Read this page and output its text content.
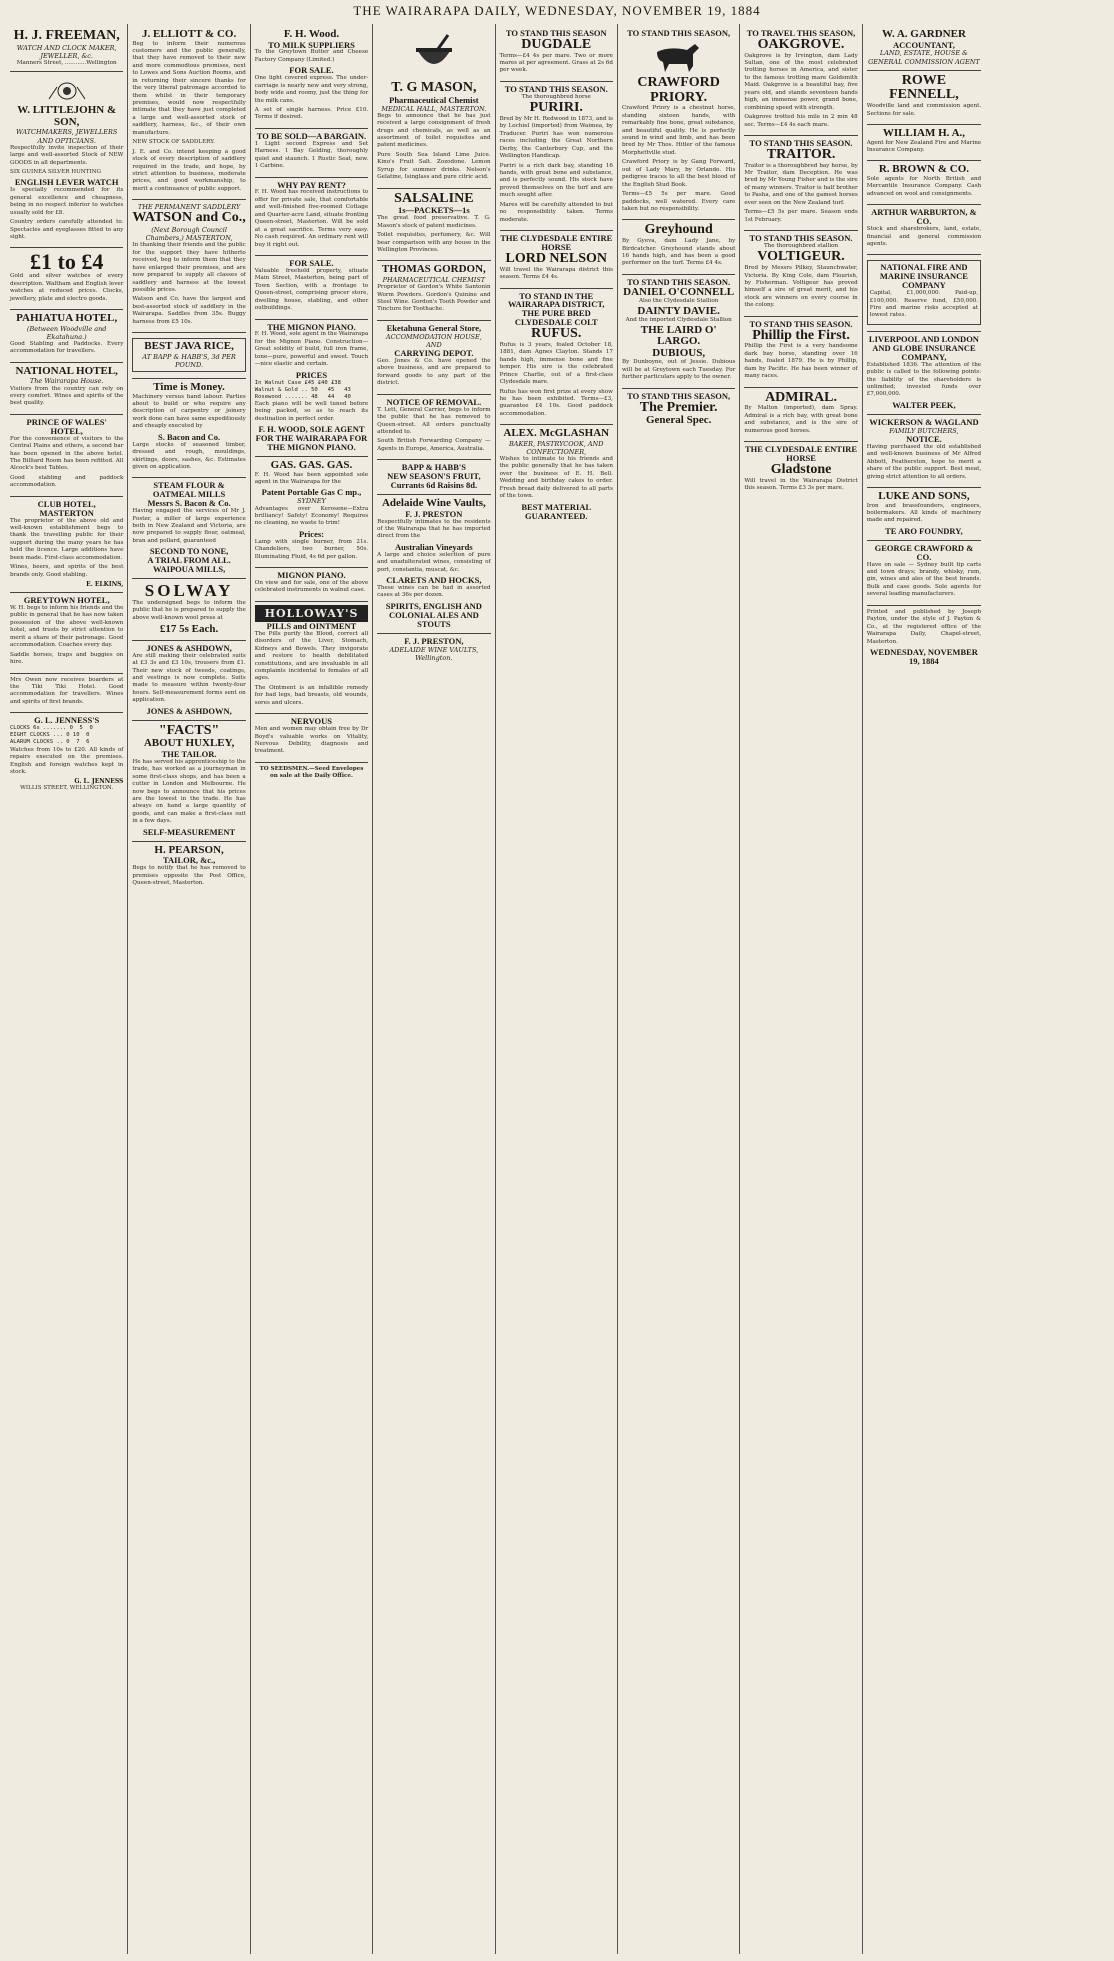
THE WAIRARAPA DAILY, WEDNESDAY, NOVEMBER 19, 1884
H. J. FREEMAN,
WATCH AND CLOCK MAKER, JEWELLER, &c.
Manners Street, ............Wellington
W. LITTLEJOHN & SON,
WATCHMAKERS, JEWELLERS AND OPTICIANS.

Respectfully invite inspection of their large and well-assorted Stock of NEW GOODS in all departments.

SIX GUINEA SILVER HUNTING

ENGLISH LEVER WATCH

Is specially recommended for its general excellence and cheapness, being in no respect inferior to watches usually sold for £8.

Country orders carefully attended to. Spectacles and eyeglasses fitted to any sight.

£1 to £4

Gold and silver watches of every description. Waltham and English lever watches at reduced prices. Clocks, jewellery, plate and electro goods.

PAHIATUA HOTEL,
(Between Woodville and Ekatahuna.)

Good Stabling and Paddocks. Every accommodation for travellers.

NATIONAL HOTEL,
The Wairarapa House.

Visitors from the country can rely on every comfort. Wines and spirits of the best quality.

PRINCE OF WALES' HOTEL,

For the convenience of visitors to the Central Plains and others, a second bar has been opened in the above hotel. The Billiard Room has been refitted. All Alcock's best Tables.

Good stabling and paddock accommodation.

CLUB HOTEL, MASTERTON

The proprietor of the above old and well-known establishment begs to thank the travelling public for their support during the many years he has held the licence. Large additions have been made. First-class accommodation.

Wines, beers, and spirits of the best brands only. Good stabling.

E. ELKINS,
GREYTOWN HOTEL,

W. H. begs to inform his friends and the public in general that he has now taken possession of the above well-known hotel, and trusts by strict attention to merit a share of their patronage. Good accommodation. Coaches every day.

Saddle horses, traps and buggies on hire.

Mrs Owen now receives boarders at the Tiki Tiki Hotel. Good accommodation for travellers. Wines and spirits of first brands.

G. L. JENNESS'S
CLOCKS 6s ....... 0  5  0
EIGHT CLOCKS ... 0 10  0
ALARUM CLOCKS .. 0  7  6

Watches from 10s to £20. All kinds of repairs executed on the premises. English and foreign watches kept in stock.

G. L. JENNESS
WILLIS STREET, WELLINGTON.
J. ELLIOTT & CO.

Beg to inform their numerous customers and the public generally, that they have removed to their new and more commodious premises, next to Lowes and Sons Auction Rooms, and in returning their sincere thanks for the very liberal patronage accorded to them whilst in their temporary premises, would now respectfully intimate that they have just completed a large and well-assorted stock of saddlery, harness, &c., of their own manufacture.

NEW STOCK OF SADDLERY.

J. E. and Co. intend keeping a good stock of every description of saddlery required in the trade, and hope, by strict attention to business, moderate prices, and good workmanship, to merit a continuance of public support.

THE PERMANENT SADDLERY
WATSON and Co.,
(Next Borough Council Chambers,) MASTERTON,

In thanking their friends and the public for the support they have hitherto received, beg to inform them that they have enlarged their premises, and are now prepared to supply all classes of saddlery and harness at the lowest possible prices.

Watson and Co. have the largest and best-assorted stock of saddlery in the Wairarapa. Saddles from 35s. Buggy harness from £5 10s.

BEST JAVA RICE,
AT BAPP & HABB'S, 3d PER POUND.
Time is Money.

Machinery versus hand labour. Parties about to build or who require any description of carpentry or joinery work done can have same expeditiously and cheaply executed by

S. Bacon and Co.

Large stocks of seasoned timber, dressed and rough, mouldings, skirtings, doors, sashes, &c. Estimates given on application.

STEAM FLOUR & OATMEAL MILLS
Messrs S. Bacon & Co.

Having engaged the services of Mr J. Foster, a miller of large experience both in New Zealand and Victoria, are now prepared to supply flour, oatmeal, bran and pollard, guaranteed

SECOND TO NONE,
A TRIAL FROM ALL.
WAIPOUA MILLS,
SOLWAY

The undersigned begs to inform the public that he is prepared to supply the above well-known wool press at

£17 5s Each.
JONES & ASHDOWN,

Are still making their celebrated suits at £3 3s and £3 10s, trousers from £1. Their new stock of tweeds, coatings, and vestings is now complete. Suits made to measure within twenty-four hours. Self-measurement forms sent on application.

JONES & ASHDOWN,
"FACTS"
ABOUT HUXLEY,
THE TAILOR.

He has served his apprenticeship to the trade, has worked as a journeyman in some first-class shops, and has been a cutter in London and Melbourne. He now begs to announce that his prices are the lowest in the trade. He has always on hand a large quantity of goods, and can make a first-class suit in a few days.

SELF-MEASUREMENT
H. PEARSON,
TAILOR, &c.,

Begs to notify that he has removed to premises opposite the Post Office, Queen-street, Masterton.

F. H. Wood.
TO MILK SUPPLIERS

To the Greytown Butter and Cheese Factory Company (Limited.)

FOR SALE.

One light covered express. The under-carriage is nearly new and very strong, body wide and roomy, just the thing for the milk cans.

A set of single harness. Price £10. Terms if desired.

TO BE SOLD—A BARGAIN.

1 Light second Express and Set Harness. 1 Bay Gelding, thoroughly quiet and staunch. 1 Rustic Seat, new. 1 Carbine.

WHY PAY RENT?

F. H. Wood has received instructions to offer for private sale, that comfortable and well-finished five-roomed Cottage and Quarter-acre Land, situate fronting Queen-street, Masterton. Will be sold at a great sacrifice. Terms very easy. No cash required. An ordinary rent will buy it right out.

FOR SALE.

Valuable freehold property, situate Main Street, Masterton, being part of Town Section, with a frontage to Queen-street, comprising grocer store, dwelling house, stabling, and other outbuildings.

THE MIGNON PIANO.

F. H. Wood, sole agent in the Wairarapa for the Mignon Piano. Construction—Great solidity of build, full iron frame, tone—pure, powerful and sweet. Touch—nice elastic and certain.

PRICES
In Walnut Case £45 £40 £38
Walnut & Gold .. 50   45   43
Rosewood ....... 48   44   40

Each piano will be well tuned before being packed, so as to reach its destination in perfect order.

F. H. WOOD, SOLE AGENT FOR THE WAIRARAPA FOR THE MIGNON PIANO.
GAS. GAS. GAS.

F. H. Wood has been appointed sole agent in the Wairarapa for the

Patent Portable Gas C mp.,
SYDNEY

Advantages over Kerosene—Extra brilliancy! Safety! Economy! Requires no cleaning, no waste to trim!

Prices:

Lamp with single burner, from 21s. Chandeliers, two burner, 50s. Illuminating Fluid, 4s 6d per gallon.

MIGNON PIANO.

On view and for sale, one of the above celebrated instruments in walnut case.

HOLLOWAY'S
PILLS and OINTMENT

The Pills purify the Blood, correct all disorders of the Liver, Stomach, Kidneys and Bowels. They invigorate and restore to health debilitated constitutions, and are invaluable in all complaints incidental to females of all ages.

The Ointment is an infallible remedy for bad legs, bad breasts, old wounds, sores and ulcers.

NERVOUS

Men and women may obtain free by Dr Boyd's valuable works on Vitality, Nervous Debility, diagnosis and treatment.

TO SEEDSMEN.—Seed Envelopes on sale at the Daily Office.
T. G MASON,
Pharmaceutical Chemist
MEDICAL HALL, MASTERTON.

Begs to announce that he has just received a large consignment of fresh drugs and chemicals, as well as an assortment of toilet requisites and patent medicines.

Pure South Sea Island Lime Juice. Kino's Fruit Salt. Zozodone. Lemon Syrup for summer drinks. Nelson's Gelatine, Isinglass and pure citric acid.

SALSALINE
1s—PACKETS—1s

The great food preservative. T. G. Mason's stock of patent medicines.

Toilet requisites, perfumery, &c. Will bear comparison with any house in the Wellington Provinces.

THOMAS GORDON,
PHARMACEUTICAL CHEMIST

Proprietor of Gordon's White Santonin Worm Powders. Gordon's Quinine and Steel Wine. Gordon's Tooth Powder and Tincture for Toothache.

Eketahuna General Store,
ACCOMMODATION HOUSE, AND
CARRYING DEPOT.

Geo. Jones & Co. have opened the above business, and are prepared to forward goods to any part of the district.

NOTICE OF REMOVAL.

T. Lett, General Carrier, begs to inform the public that he has removed to Queen-street. All orders punctually attended to.

South British Forwarding Company — Agents in Europe, America, Australia.

BAPP & HABB'S
NEW SEASON'S FRUIT,
Currants 6d Raisins 8d.
Adelaide Wine Vaults,
F. J. PRESTON

Respectfully intimates to the residents of the Wairarapa that he has imported direct from the

Australian Vineyards

A large and choice selection of pure and unadulterated wines, consisting of port, constantia, muscat, &c.

CLARETS AND HOCKS,

These wines can be had in assorted cases at 36s per dozen.

SPIRITS, ENGLISH AND COLONIAL ALES AND STOUTS
F. J. PRESTON,
ADELAIDE WINE VAULTS, Wellington.
TO STAND THIS SEASON
DUGDALE

Terms—£4 4s per mare. Two or more mares at per agreement. Grass at 2s 6d per week.

TO STAND THIS SEASON.
The thoroughbred horse
PURIRI.

Bred by Mr H. Redwood in 1873, and is by Lochiel (imported) from Waimea, by Traducer. Puriri has won numerous races including the Great Northern Derby, the Canterbury Cup, and the Wellington Handicap.

Puriri is a rich dark bay, standing 16 hands, with great bone and substance, and is perfectly sound. His stock have proved themselves on the turf and are much sought after.

Mares will be carefully attended to but no responsibility taken. Terms moderate.

THE CLYDESDALE ENTIRE HORSE
LORD NELSON

Will travel the Wairarapa district this season. Terms £4 4s.

TO STAND IN THE WAIRARAPA DISTRICT, THE PURE BRED CLYDESDALE COLT
RUFUS.

Rufus is 3 years, foaled October 18, 1881, dam Agnes Clayton. Stands 17 hands high, immense bone and fine temper. His sire is the celebrated Prince Charlie, out of a first-class Clydesdale mare.

Rufus has won first prize at every show he has been exhibited. Terms—£3, guarantee £4 10s. Good paddock accommodation.

ALEX. McGLASHAN
BAKER, PASTRYCOOK, AND CONFECTIONER,

Wishes to intimate to his friends and the public generally that he has taken over the business of E. H. Bell. Wedding and birthday cakes to order. Fresh bread daily delivered to all parts of the town.

BEST MATERIAL GUARANTEED.
TO STAND THIS SEASON,
CRAWFORD PRIORY.

Crawford Priory is a chestnut horse, standing sixteen hands, with remarkably fine bone, great substance, and beautiful quality. He is perfectly sound in wind and limb, and has been bred by Mr Thos. Hitler of the famous Morphettville stud.

Crawford Priory is by Gang Forward, out of Lady Mary, by Orlando. His pedigree traces to all the best blood of the English Stud Book.

Terms—£5 5s per mare. Good paddocks, well watered. Every care taken but no responsibility.

Greyhound

By Gyeva, dam Lady Jane, by Birdcatcher. Greyhound stands about 16 hands high, and has been a good performer on the turf. Terms £4 4s.

TO STAND THIS SEASON.
DANIEL O'CONNELL
Also the Clydesdale Stallion
DAINTY DAVIE.
And the imported Clydesdale Stallion
THE LAIRD O' LARGO.
DUBIOUS,

By Dunboyne, out of Jessie. Dubious will be at Greytown each Tuesday. For further particulars apply to the owner.

TO STAND THIS SEASON,
The Premier.
General Spec.
TO TRAVEL THIS SEASON,
OAKGROVE.

Oakgrove is by Irvington, dam Lady Sultan, one of the most celebrated trotting horses in America, and sister to the famous trotting mare Goldsmith Maid. Oakgrove is a beautiful bay, five years old, and stands seventeen hands high, an immense power, grand bone, combining speed with strength.

Oakgrove trotted his mile in 2 min 48 sec. Terms—£4 4s each mare.

TO STAND THIS SEASON.
TRAITOR.

Traitor is a thoroughbred bay horse, by Mr Traitor, dam Deception. He was bred by Mr Young Fisher and is the sire of many winners. Traitor is half brother to Pasha, and one of the gamest horses ever seen on the New Zealand turf.

Terms—£5 5s per mare. Season ends 1st February.

TO STAND THIS SEASON.
The thoroughbred stallion
VOLTIGEUR.

Bred by Messrs Pilkey, Staunchwater, Victoria. By King Cole, dam Flourish, by Fisherman. Voltigeur has proved himself a sire of great merit, and his stock are winners on every course in the colony.

TO STAND THIS SEASON.
Phillip the First.

Phillip the First is a very handsome dark bay horse, standing over 16 hands, foaled 1879. He is by Phillip, dam by Pacific. He has been winner of many races.

ADMIRAL.

By Malton (imported), dam Spray. Admiral is a rich bay, with great bone and substance, and is the sire of numerous good horses.

THE CLYDESDALE ENTIRE HORSE
Gladstone

Will travel in the Wairarapa District this season. Terms £3 3s per mare.

W. A. GARDNER
ACCOUNTANT,
LAND, ESTATE, HOUSE & GENERAL COMMISSION AGENT
ROWE FENNELL,

Woodville land and commission agent. Sections for sale.

WILLIAM H. A.,

Agent for New Zealand Fire and Marine Insurance Company.

R. BROWN & CO.

Sole agents for North British and Mercantile Insurance Company. Cash advanced on wool and consignments.

ARTHUR WARBURTON, & CO.

Stock and sharebrokers, land, estate, financial and general commission agents.

NATIONAL FIRE AND MARINE INSURANCE COMPANY

Capital, £1,000,000. Paid-up, £100,000. Reserve fund, £50,000. Fire and marine risks accepted at lowest rates.

LIVERPOOL AND LONDON AND GLOBE INSURANCE COMPANY,

Established 1836. The attention of the public is called to the following points: the liability of the shareholders is unlimited; invested funds over £7,000,000.

WALTER PEEK,
WICKERSON & WAGLAND
FAMILY BUTCHERS,
NOTICE.

Having purchased the old established and well-known business of Mr Alfred Abbott, Featherston, hope to merit a share of the public support. Best meat, giving strict attention to all orders.

LUKE AND SONS,

Iron and brassfounders, engineers, boilermakers. All kinds of machinery made and repaired.

TE ARO FOUNDRY,
GEORGE CRAWFORD & CO.

Have on sale — Sydney built tip carts and town drays; brandy, whisky, rum, gin, wines and ales of the best brands. Bulk and case goods. Sole agents for several leading manufacturers.

Printed and published by Joseph Payton, under the style of J. Payton & Co., at the registered office of the Wairarapa Daily, Chapel-street, Masterton.

WEDNESDAY, NOVEMBER 19, 1884
